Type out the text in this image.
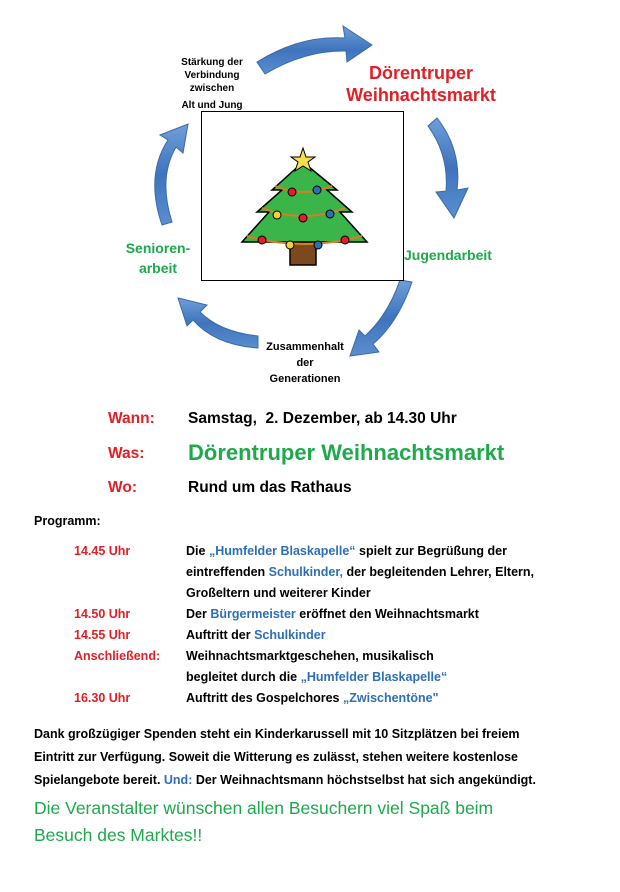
Stärkung der
Verbindung
zwischen
Alt und Jung
Dörentruper
Weihnachtsmarkt
Jugendarbeit
Zusammenhalt
der
Generationen
Senioren-
arbeit
Wann: Samstag,  2. Dezember, ab 14.30 Uhr
Was: Dörentruper Weihnachtsmarkt
Wo:	Rund um das Rathaus
Programm:
14.45 Uhr	Die „Humfelder Blaskapelle“ spielt zur Begrüßung der
eintreffenden Schulkinder, der begleitenden Lehrer, Eltern,
Großeltern und weiterer Kinder
14.50 Uhr	Der Bürgermeister eröffnet den Weihnachtsmarkt
14.55 Uhr	Auftritt der Schulkinder
Anschließend: Weihnachtsmarktgeschehen, musikalisch
begleitet durch die „Humfelder Blaskapelle“
16.30 Uhr	Auftritt des Gospelchores „Zwischentöne"
Dank großzügiger Spenden steht ein Kinderkarussell mit 10 Sitzplätzen bei freiem
Eintritt zur Verfügung. Soweit die Witterung es zulässt, stehen weitere kostenlose
Spielangebote bereit. Und: Der Weihnachtsmann höchstselbst hat sich angekündigt.
Die Veranstalter wünschen allen Besuchern viel Spaß beim
Besuch des Marktes!!
